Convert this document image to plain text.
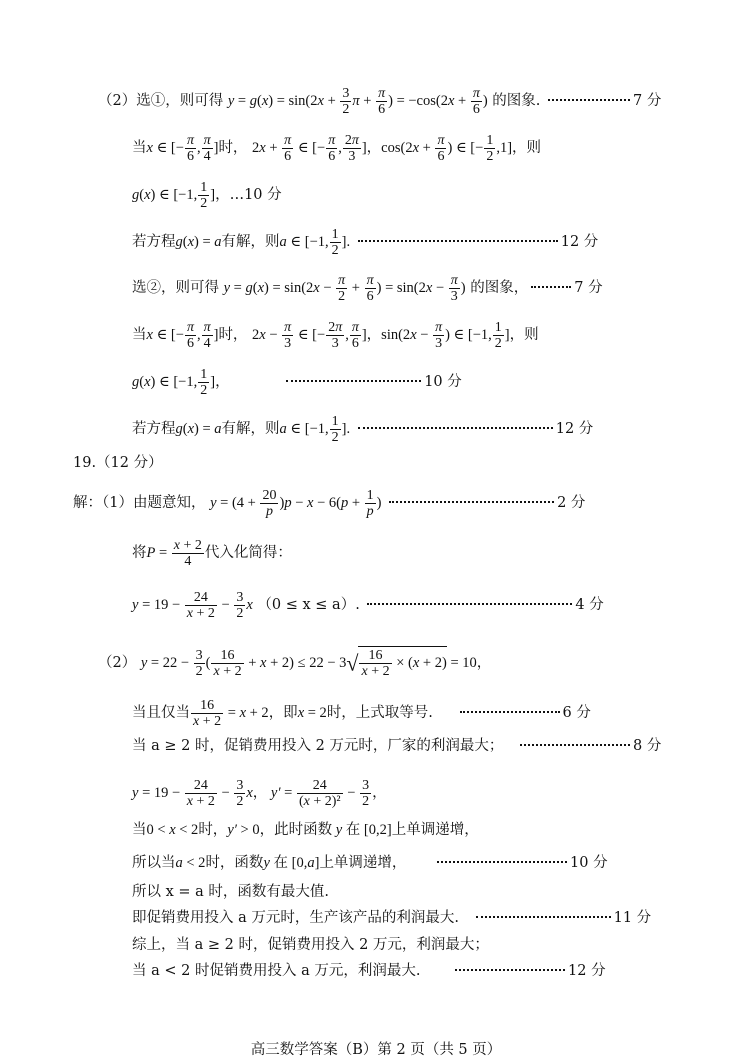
（2）选①，则可得 $y = g(x) = \sin(2x + \frac{3}{2}$ $\pi + \frac{\pi}{6}$ ) = $-\cos(2x + \frac{\pi}{6}$ ) 的图象.	7 分
当x ∈ [− $\frac{\pi}{6}$ , $\frac{\pi}{4}$ ]时， $2x + \frac{\pi}{6}$ ∈ [− $\frac{\pi}{6}$ , $\frac{2\pi}{3}$ ]，$\cos(2x + \frac{\pi}{6}$ ) ∈ [− $\frac{1}{2} ,1$]，则
g(x) ∈ [−1, $\frac{1}{2}$ ]，…10 分
若方程g(x) = a有解，则a ∈ [−1, $\frac{1}{2}$ ].	12 分
选②，则可得 $y = g(x) = \sin(2x - \frac{\pi}{2} + \frac{\pi}{6}$ ) = $\sin(2x - \frac{\pi}{3}$ ) 的图象，	7 分
当x ∈ [− $\frac{\pi}{6}$ , $\frac{\pi}{4}$ ]时， $2x - \frac{\pi}{3}$ ∈ [− $\frac{2\pi}{3}$ , $\frac{\pi}{6}$ ]，$\sin(2x - \frac{\pi}{3}$ ) ∈ [−1, $\frac{1}{2}$ ]，则
g(x) ∈ [−1, $\frac{1}{2}$ ]，	10 分
若方程g(x) = a有解，则a ∈ [−1, $\frac{1}{2}$ ].	12 分
19.（12 分）
解：（1）由题意知， $y = (4 + \frac{20}{p} )p - x - 6(p + \frac{1}{p}$ )	2 分
将$P = \frac{x + 2}{4}$ 代入化简得：
$y = 19 - \frac{24}{x + 2} - \frac{3}{2}$ x （0 ≤ x ≤ a）.	4 分
（2） $y = 22 - \frac{3}{2}$ ( $\frac{16}{x + 2} + x + 2) \le 22 - 3√ \frac{16}{x + 2} \times (x + 2) = 10$，
当且仅当 $\frac{16}{x + 2} = x + 2$，即x = 2时，上式取等号.	6 分
当 a ≥ 2 时，促销费用投入 2 万元时，厂家的利润最大；	8 分
$y = 19 - \frac{24}{x + 2} - \frac{3}{2}$ x， $y' = \frac{24}{\text{(x + 2)²}} - \frac{3}{2}$ ，
当0 < x < 2时，y′ > 0，此时函数 y 在 [0,2]上单调递增，
所以当a < 2时，函数y 在 [0,a]上单调递增，	10 分
所以 x = a 时，函数有最大值.
即促销费用投入 a 万元时，生产该产品的利润最大.	11 分
综上，当 a ≥ 2 时，促销费用投入 2 万元，利润最大；
当 a < 2 时促销费用投入 a 万元，利润最大.	12 分
高三数学答案（B）第 2 页（共 5 页）
